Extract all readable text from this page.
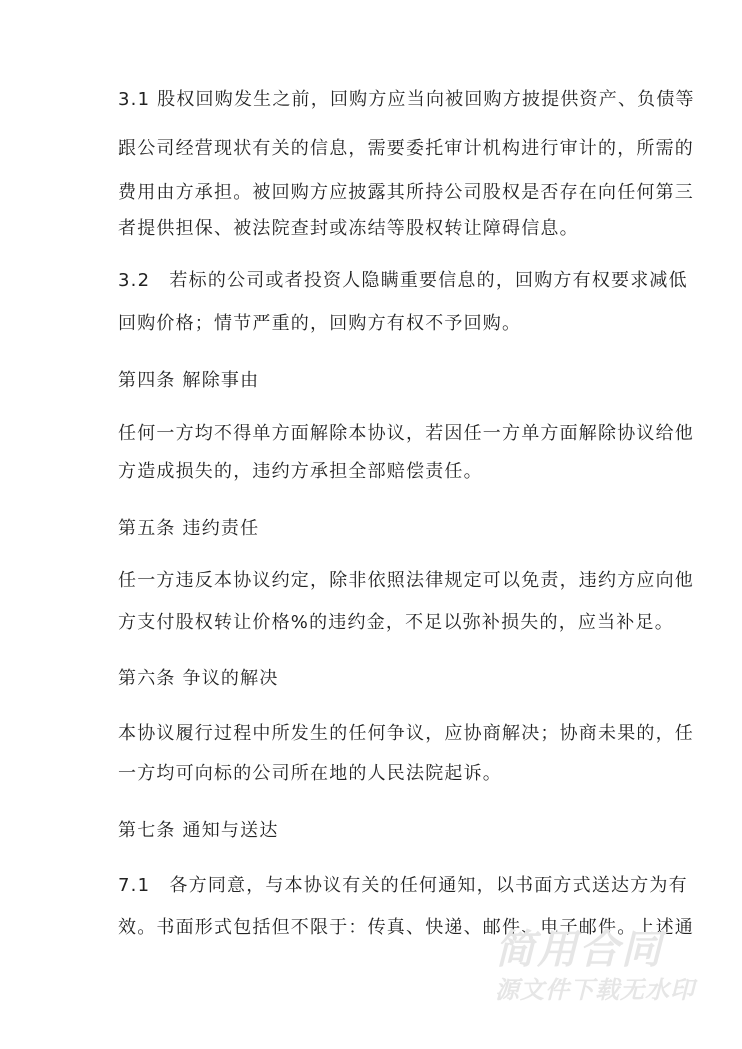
3.1 股权回购发生之前，回购方应当向被回购方披提供资产、负债等
跟公司经营现状有关的信息，需要委托审计机构进行审计的，所需的
费用由方承担。被回购方应披露其所持公司股权是否存在向任何第三
者提供担保、被法院查封或冻结等股权转让障碍信息。
3.2　若标的公司或者投资人隐瞒重要信息的，回购方有权要求减低
回购价格；情节严重的，回购方有权不予回购。
第四条 解除事由
任何一方均不得单方面解除本协议，若因任一方单方面解除协议给他
方造成损失的，违约方承担全部赔偿责任。
第五条 违约责任
任一方违反本协议约定，除非依照法律规定可以免责，违约方应向他
方支付股权转让价格%的违约金，不足以弥补损失的，应当补足。
第六条 争议的解决
本协议履行过程中所发生的任何争议，应协商解决；协商未果的，任
一方均可向标的公司所在地的人民法院起诉。
第七条 通知与送达
7.1　各方同意，与本协议有关的任何通知，以书面方式送达方为有
效。书面形式包括但不限于：传真、快递、邮件、电子邮件。上述通
简用合同
源文件下载无水印
